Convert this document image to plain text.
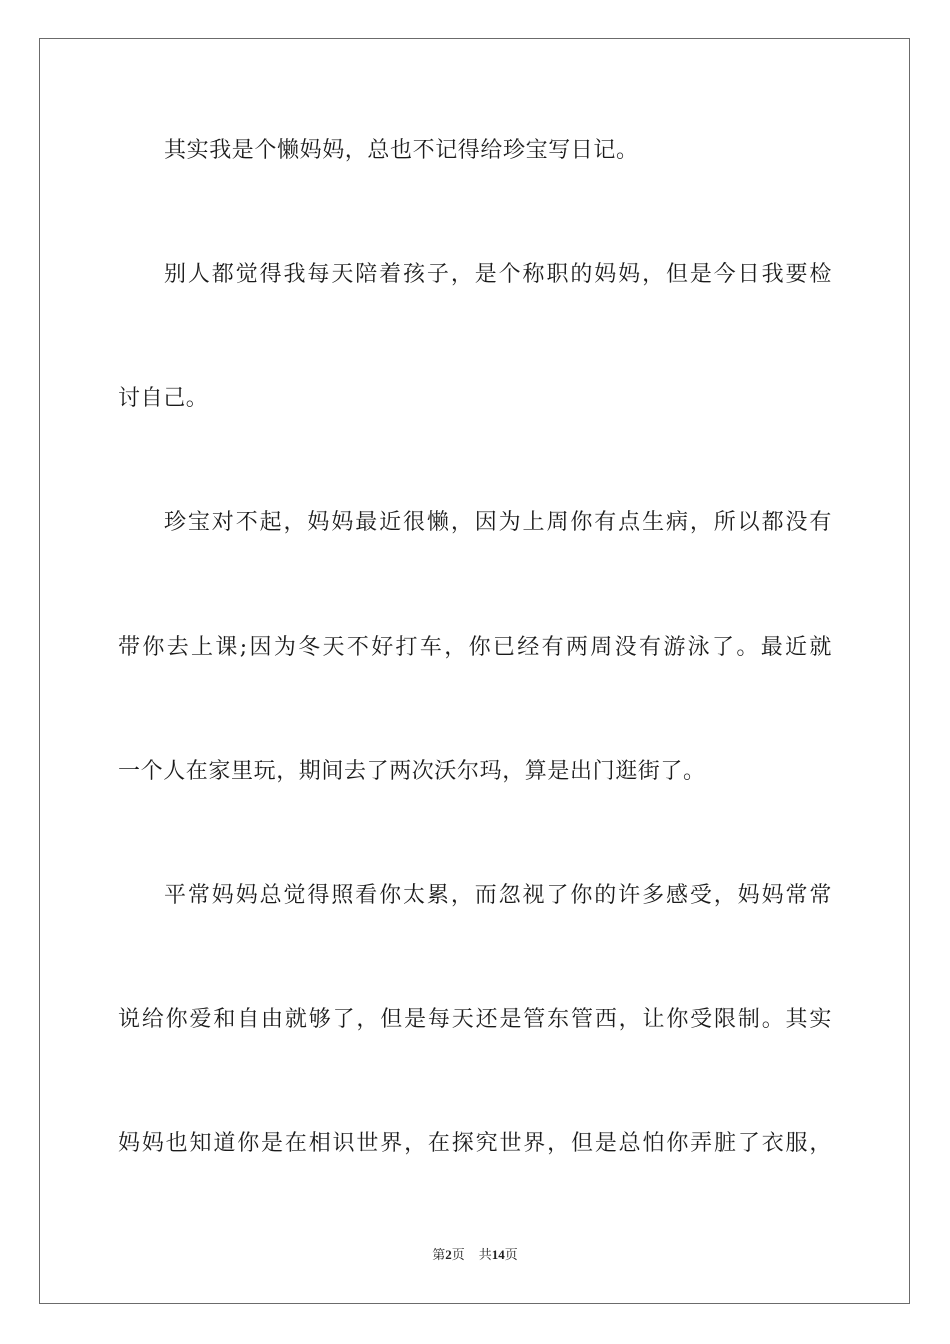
其实我是个懒妈妈，总也不记得给珍宝写日记。
别人都觉得我每天陪着孩子，是个称职的妈妈，但是今日我要检
讨自己。
珍宝对不起，妈妈最近很懒，因为上周你有点生病，所以都没有
带你去上课;因为冬天不好打车，你已经有两周没有游泳了。最近就
一个人在家里玩，期间去了两次沃尔玛，算是出门逛街了。
平常妈妈总觉得照看你太累，而忽视了你的许多感受，妈妈常常
说给你爱和自由就够了，但是每天还是管东管西，让你受限制。其实
妈妈也知道你是在相识世界，在探究世界，但是总怕你弄脏了衣服，
第2页 共14页
